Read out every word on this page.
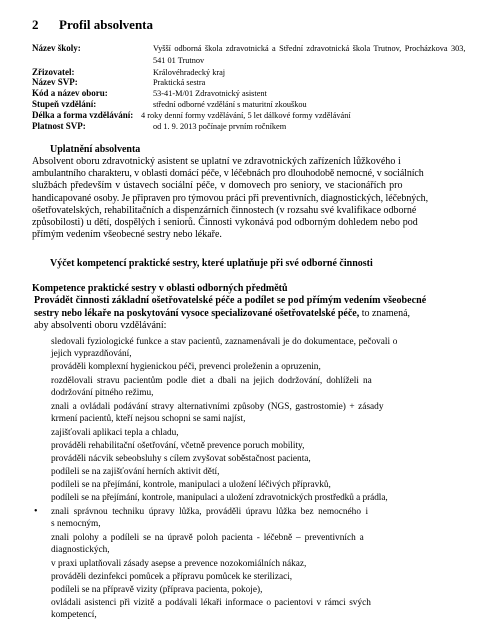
2 Profil absolventa
Název školy:	Vyšší odborná škola zdravotnická a Střední zdravotnická škola Trutnov, Procházkova 303,
541 01 Trutnov
Zřizovatel:	Královéhradecký kraj
Název SVP:	Praktická sestra
Kód a název oboru:	53-41-M/01 Zdravotnický asistent
Stupeň vzdělání:	střední odborné vzdělání s maturitní zkouškou
Délka a forma vzdělávání: 4 roky denní formy vzdělávání, 5 let dálkové formy vzdělávání
Platnost SVP:	od 1. 9. 2013 počínaje prvním ročníkem
Uplatnění absolventa
Absolvent oboru zdravotnický asistent se uplatní ve zdravotnických zařízeních lůžkového i
ambulantního charakteru, v oblasti domácí péče, v léčebnách pro dlouhodobě nemocné, v sociálních
službách především v ústavech sociální péče, v domovech pro seniory, ve stacionářích pro
handicapované osoby. Je připraven pro týmovou práci při preventivních, diagnostických, léčebných,
ošetřovatelských, rehabilitačních a dispenzárních činnostech (v rozsahu své kvalifikace odborné
způsobilosti) u dětí, dospělých i seniorů. Činnosti vykonává pod odborným dohledem nebo pod
přímým vedením všeobecné sestry nebo lékaře.
Výčet kompetencí praktické sestry, které uplatňuje při své odborné činnosti
Kompetence praktické sestry v oblasti odborných předmětů
Provádět činnosti základní ošetřovatelské péče a podílet se pod přímým vedením všeobecné
sestry nebo lékaře na poskytování vysoce specializované ošetřovatelské péče, to znamená,
aby absolventi oboru vzdělávání:
sledovali fyziologické funkce a stav pacientů, zaznamenávali je do dokumentace, pečovali o
jejich vyprazdňování,
prováděli komplexní hygienickou péči, prevenci proleženin a opruzenin,
rozdělovali stravu pacientům podle diet a dbali na jejich dodržování, dohlíželi na
dodržování pitného režimu,
znali a ovládali podávání stravy alternativními způsoby (NGS, gastrostomie) + zásady
krmení pacientů, kteří nejsou schopni se sami najíst,
zajišťovali aplikaci tepla a chladu,
prováděli rehabilitační ošetřování, včetně prevence poruch mobility,
prováděli nácvik sebeobsluhy s cílem zvyšovat soběstačnost pacienta,
podíleli se na zajišťování herních aktivit dětí,
podíleli se na přejímání, kontrole, manipulaci a uložení léčivých přípravků,
podíleli se na přejímání, kontrole, manipulaci a uložení zdravotnických prostředků a prádla,
• znali správnou techniku úpravy lůžka, prováděli úpravu lůžka bez nemocného i
s nemocným,
znali polohy a podíleli se na úpravě poloh pacienta - léčebně – preventivních a
diagnostických,
v praxi uplatňovali zásady asepse a prevence nozokomiálních nákaz,
prováděli dezinfekci pomůcek a přípravu pomůcek ke sterilizaci,
podíleli se na přípravě vizity (příprava pacienta, pokoje),
ovládali asistenci při vizitě a podávali lékaři informace o pacientovi v rámci svých
kompetencí,
